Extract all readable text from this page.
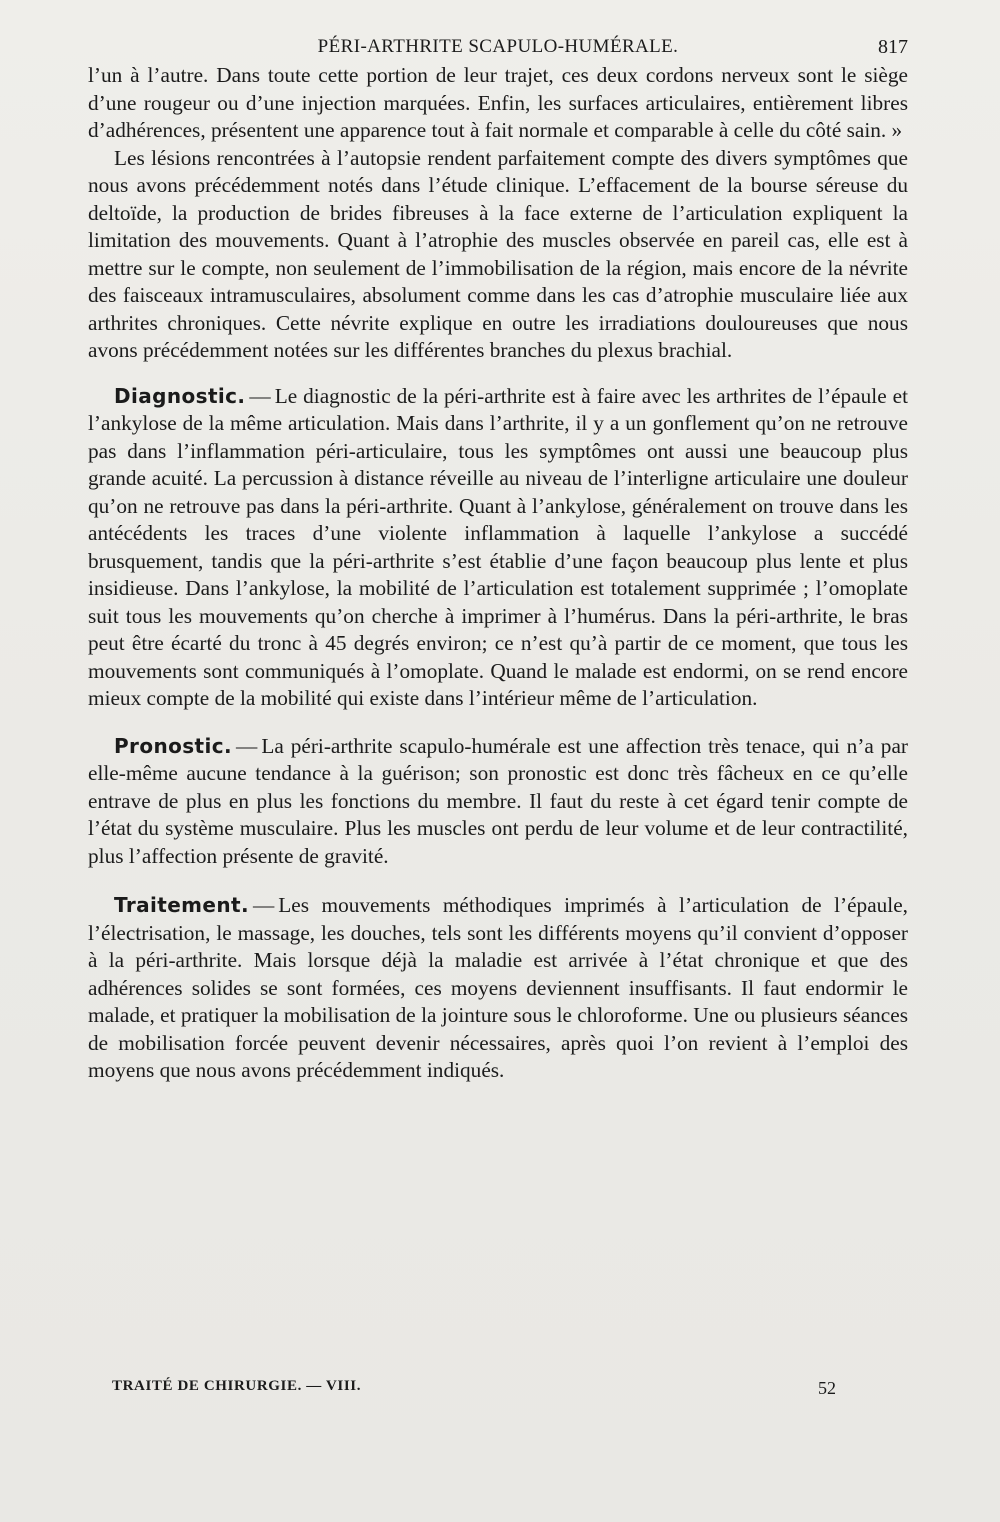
PÉRI-ARTHRITE SCAPULO-HUMÉRALE.	817

l’un à l’autre. Dans toute cette portion de leur trajet, ces deux cordons nerveux sont le siège d’une rougeur ou d’une injection marquées. Enfin, les surfaces articulaires, entièrement libres d’adhérences, présentent une apparence tout à fait normale et comparable à celle du côté sain. »

Les lésions rencontrées à l’autopsie rendent parfaitement compte des divers symptômes que nous avons précédemment notés dans l’étude clinique. L’effacement de la bourse séreuse du deltoïde, la production de brides fibreuses à la face externe de l’articulation expliquent la limitation des mouvements. Quant à l’atrophie des muscles observée en pareil cas, elle est à mettre sur le compte, non seulement de l’immobilisation de la région, mais encore de la névrite des faisceaux intramusculaires, absolument comme dans les cas d’atrophie musculaire liée aux arthrites chroniques. Cette névrite explique en outre les irradiations douloureuses que nous avons précédemment notées sur les différentes branches du plexus brachial.

Diagnostic. — Le diagnostic de la péri-arthrite est à faire avec les arthrites de l’épaule et l’ankylose de la même articulation. Mais dans l’arthrite, il y a un gonflement qu’on ne retrouve pas dans l’inflammation péri-articulaire, tous les symptômes ont aussi une beaucoup plus grande acuité. La percussion à distance réveille au niveau de l’interligne articulaire une douleur qu’on ne retrouve pas dans la péri-arthrite. Quant à l’ankylose, généralement on trouve dans les antécédents les traces d’une violente inflammation à laquelle l’ankylose a succédé brusquement, tandis que la péri-arthrite s’est établie d’une façon beaucoup plus lente et plus insidieuse. Dans l’ankylose, la mobilité de l’articulation est totalement supprimée ; l’omoplate suit tous les mouvements qu’on cherche à imprimer à l’humérus. Dans la péri-arthrite, le bras peut être écarté du tronc à 45 degrés environ; ce n’est qu’à partir de ce moment, que tous les mouvements sont communiqués à l’omoplate. Quand le malade est endormi, on se rend encore mieux compte de la mobilité qui existe dans l’intérieur même de l’articulation.

Pronostic. — La péri-arthrite scapulo-humérale est une affection très tenace, qui n’a par elle-même aucune tendance à la guérison; son pronostic est donc très fâcheux en ce qu’elle entrave de plus en plus les fonctions du membre. Il faut du reste à cet égard tenir compte de l’état du système musculaire. Plus les muscles ont perdu de leur volume et de leur contractilité, plus l’affection présente de gravité.

Traitement. — Les mouvements méthodiques imprimés à l’articulation de l’épaule, l’électrisation, le massage, les douches, tels sont les différents moyens qu’il convient d’opposer à la péri-arthrite. Mais lorsque déjà la maladie est arrivée à l’état chronique et que des adhérences solides se sont formées, ces moyens deviennent insuffisants. Il faut endormir le malade, et pratiquer la mobilisation de la jointure sous le chloroforme. Une ou plusieurs séances de mobilisation forcée peuvent devenir nécessaires, après quoi l’on revient à l’emploi des moyens que nous avons précédemment indiqués.

TRAITÉ DE CHIRURGIE. — VIII.	52
